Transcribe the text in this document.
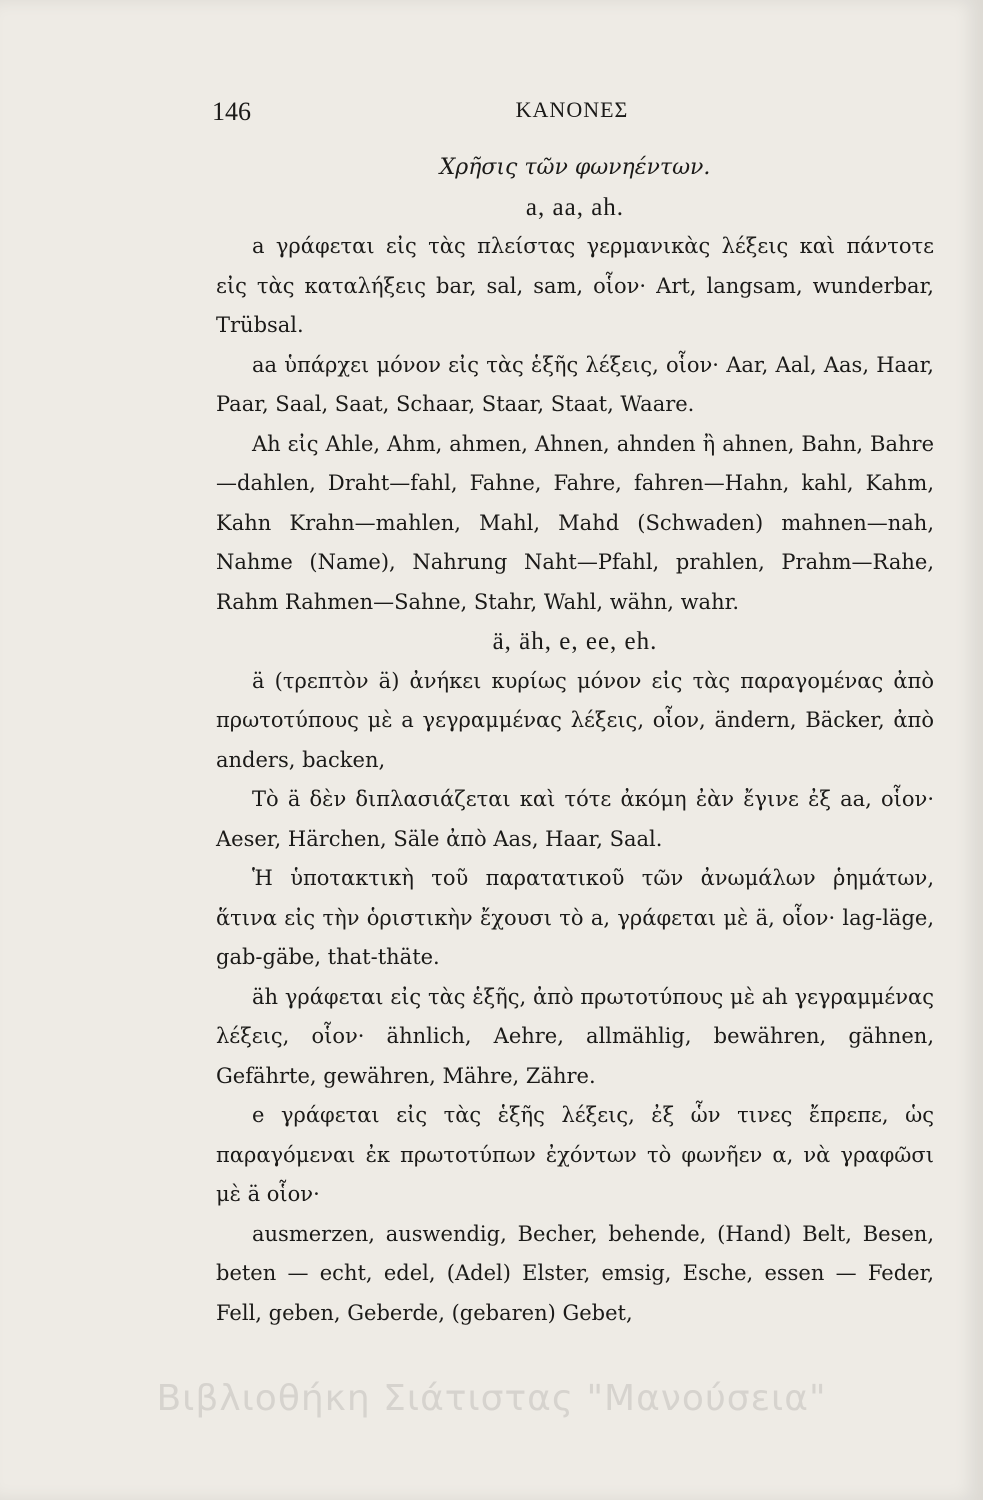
146	ΚΑΝΟΝΕΣ
Χρῆσις τῶν φωνηέντων.
a, aa, ah.

a γράφεται εἰς τὰς πλείστας γερμανικὰς λέξεις καὶ πάντοτε εἰς τὰς καταλήξεις bar, sal, sam, οἷον· Art, langsam, wunderbar, Trübsal.

aa ὑπάρχει μόνον εἰς τὰς ἑξῆς λέξεις, οἷον· Aar, Aal, Aas, Haar, Paar, Saal, Saat, Schaar, Staar, Staat, Waare.

Ah εἰς Ahle, Ahm, ahmen, Ahnen, ahnden ἢ ahnen, Bahn, Bahre—dahlen, Draht—fahl, Fahne, Fahre, fahren—Hahn, kahl, Kahm, Kahn Krahn—mahlen, Mahl, Mahd (Schwaden) mahnen—nah, Nahme (Name), Nahrung Naht—Pfahl, prahlen, Prahm—Rahe, Rahm Rahmen—Sahne, Stahr, Wahl, wähn, wahr.

ä, äh, e, ee, eh.

ä (τρεπτὸν ä) ἀνήκει κυρίως μόνον εἰς τὰς παραγομένας ἀπὸ πρωτοτύπους μὲ a γεγραμμένας λέξεις, οἷον, ändern, Bäcker, ἀπὸ anders, backen,

Τὸ ä δὲν διπλασιάζεται καὶ τότε ἀκόμη ἐὰν ἔγινε ἐξ aa, οἷον· Aeser, Härchen, Säle ἀπὸ Aas, Haar, Saal.

Ἡ ὑποτακτικὴ τοῦ παρατατικοῦ τῶν ἀνωμάλων ῥημάτων, ἅτινα εἰς τὴν ὁριστικὴν ἔχουσι τὸ a, γράφεται μὲ ä, οἷον· lag-läge, gab-gäbe, that-thäte.

äh γράφεται εἰς τὰς ἑξῆς, ἀπὸ πρωτοτύπους μὲ ah γεγραμμένας λέξεις, οἷον· ähnlich, Aehre, allmählig, bewähren, gähnen, Gefährte, gewähren, Mähre, Zähre.

e γράφεται εἰς τὰς ἑξῆς λέξεις, ἐξ ὧν τινες ἔπρεπε, ὡς παραγόμεναι ἐκ πρωτοτύπων ἐχόντων τὸ φωνῆεν α, νὰ γραφῶσι μὲ ä οἷον·

ausmerzen, auswendig, Becher, behende, (Hand) Belt, Besen, beten — echt, edel, (Adel) Elster, emsig, Esche, essen — Feder, Fell, geben, Geberde, (gebaren) Gebet,

Βιβλιοθήκη Σιάτιστας "Μανούσεια"
